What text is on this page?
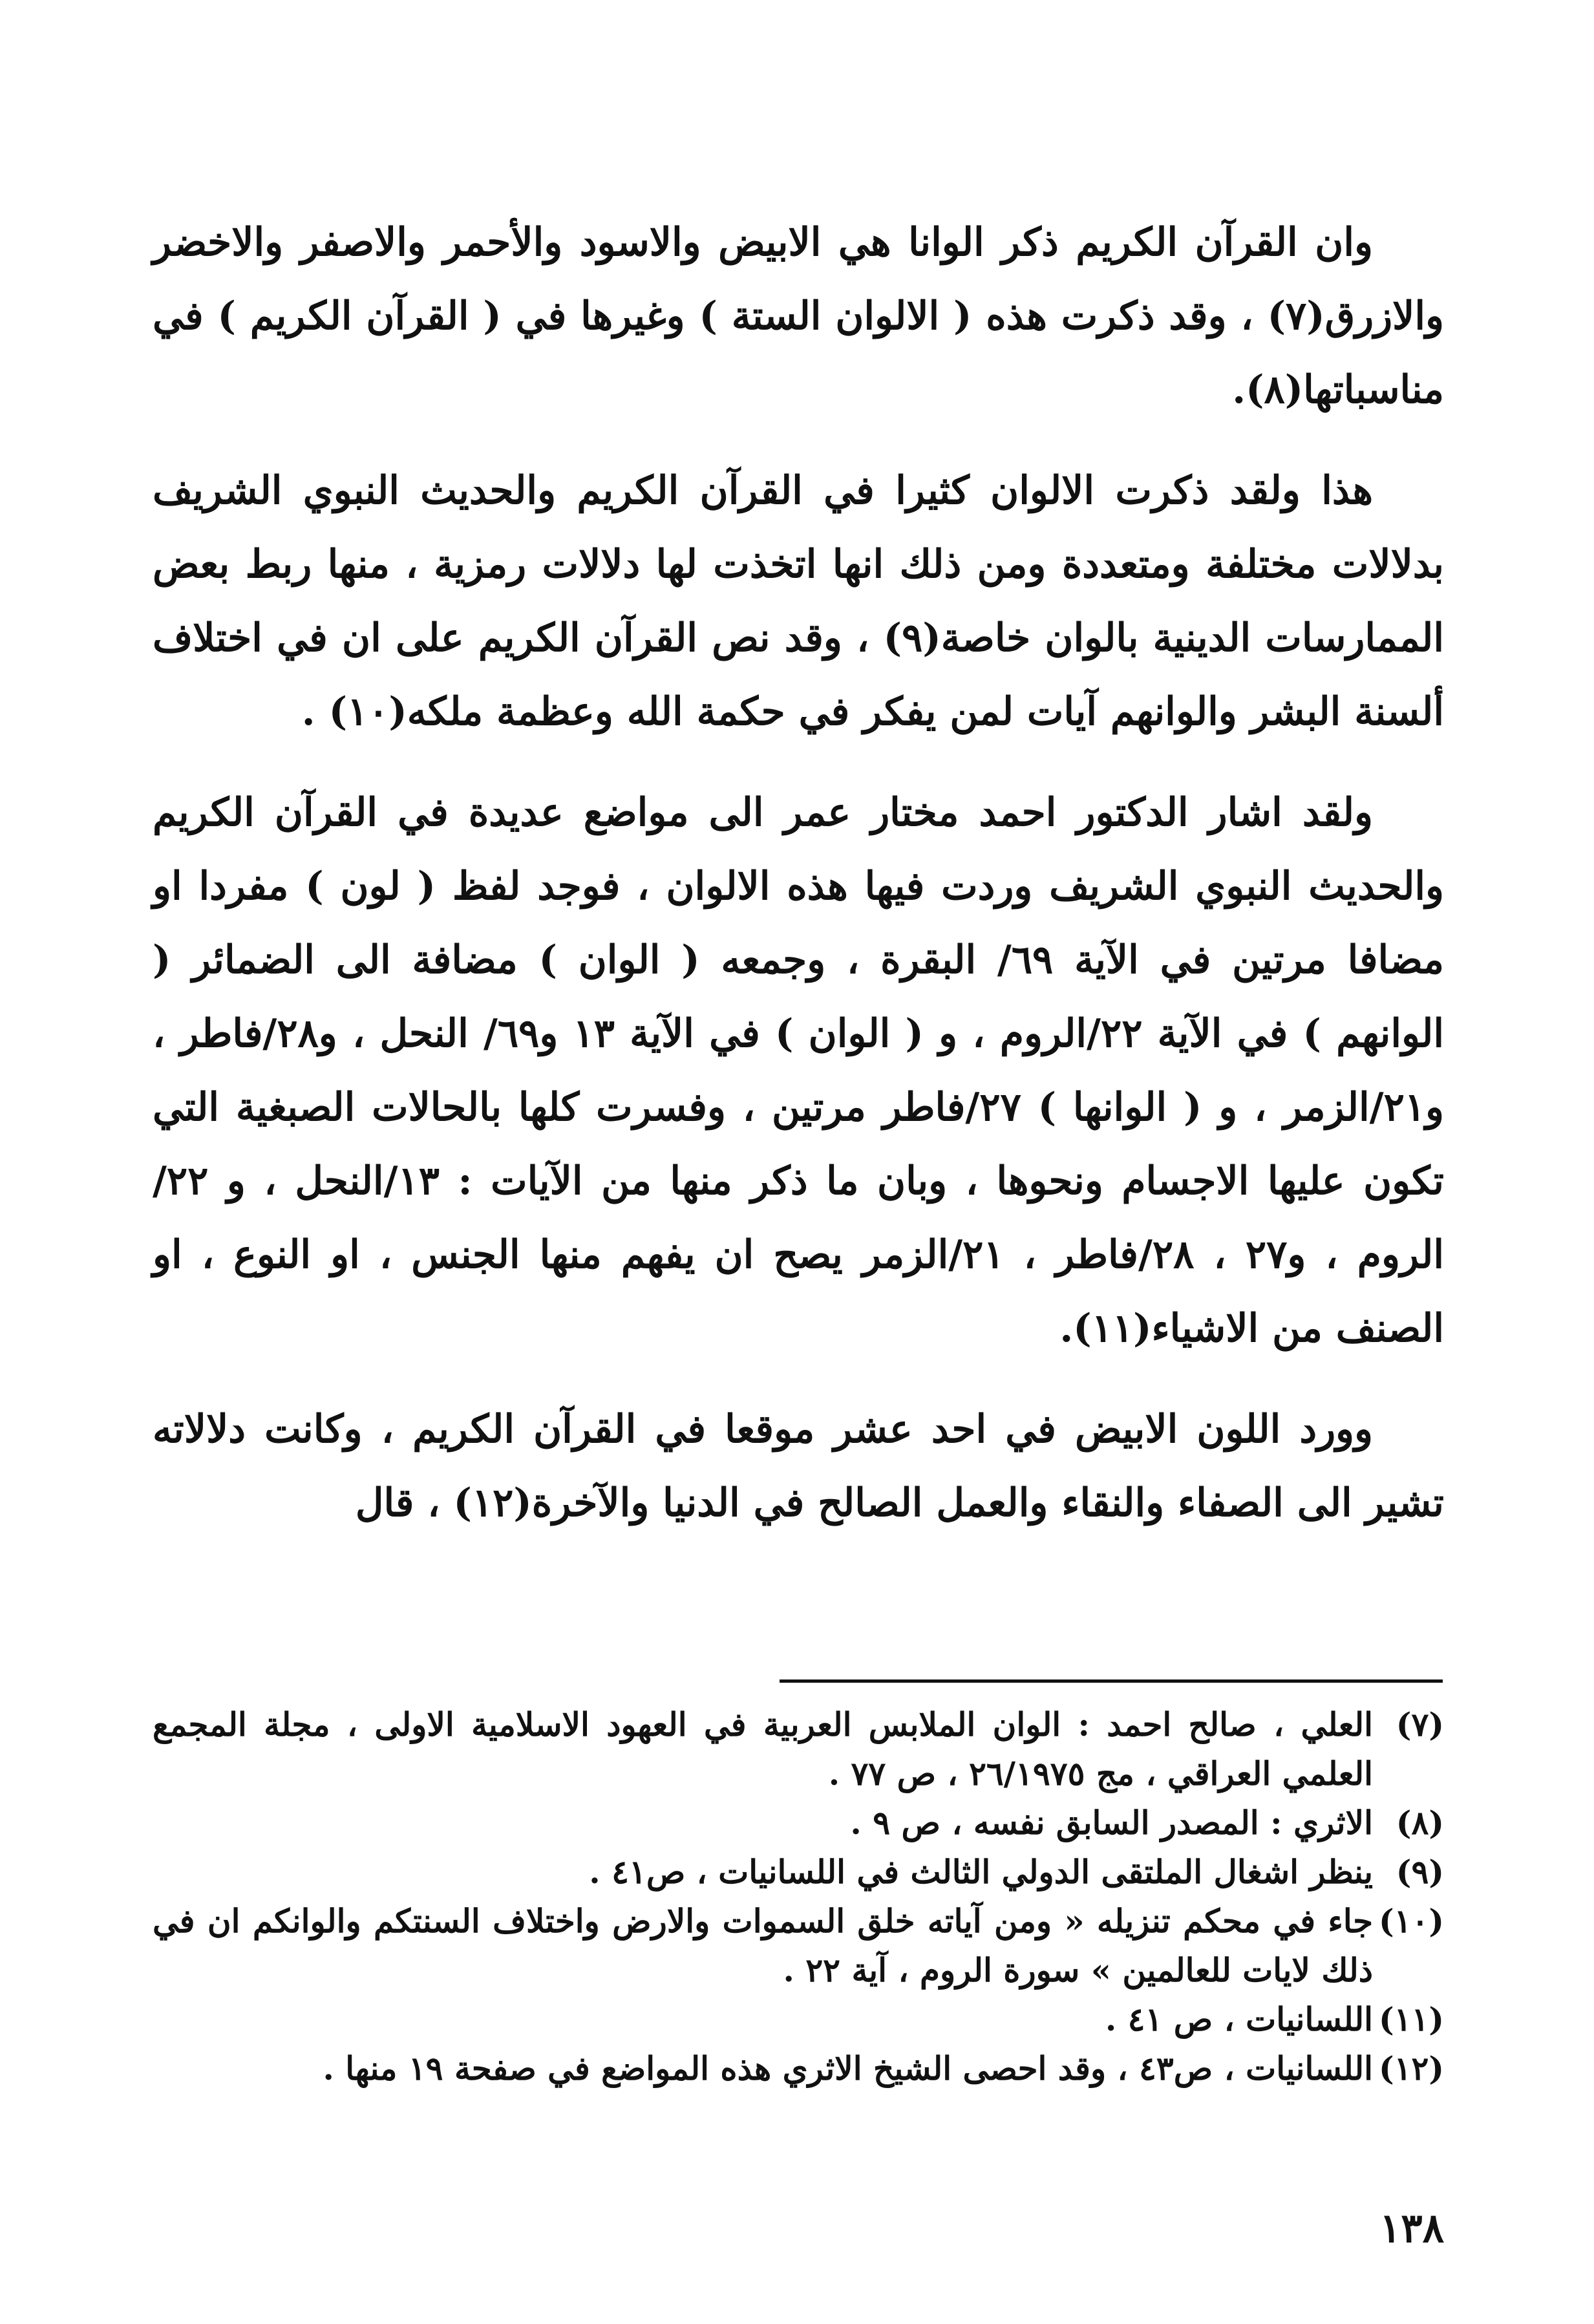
وان القرآن الكريم ذكر الوانا هي الابيض والاسود والأحمر والاصفر والاخضر والازرق(٧) ، وقد ذكرت هذه ( الالوان الستة ) وغيرها في ( القرآن الكريم ) في مناسباتها(٨).

هذا ولقد ذكرت الالوان كثيرا في القرآن الكريم والحديث النبوي الشريف بدلالات مختلفة ومتعددة ومن ذلك انها اتخذت لها دلالات رمزية ، منها ربط بعض الممارسات الدينية بالوان خاصة(٩) ، وقد نص القرآن الكريم على ان في اختلاف ألسنة البشر والوانهم آيات لمن يفكر في حكمة الله وعظمة ملكه(١٠) .

ولقد اشار الدكتور احمد مختار عمر الى مواضع عديدة في القرآن الكريم والحديث النبوي الشريف وردت فيها هذه الالوان ، فوجد لفظ ( لون ) مفردا او مضافا مرتين في الآية ٦٩/ البقرة ، وجمعه ( الوان ) مضافة الى الضمائر ( الوانهم ) في الآية ٢٢/الروم ، و ( الوان ) في الآية ١٣ و٦٩/ النحل ، و٢٨/فاطر ، و٢١/الزمر ، و ( الوانها ) ٢٧/فاطر مرتين ، وفسرت كلها بالحالات الصبغية التي تكون عليها الاجسام ونحوها ، وبان ما ذكر منها من الآيات : ١٣/النحل ، و ٢٢/الروم ، و٢٧ ، ٢٨/فاطر ، ٢١/الزمر يصح ان يفهم منها الجنس ، او النوع ، او الصنف من الاشياء(١١).

وورد اللون الابيض في احد عشر موقعا في القرآن الكريم ، وكانت دلالاته تشير الى الصفاء والنقاء والعمل الصالح في الدنيا والآخرة(١٢) ، قال

(٧)
العلي ، صالح احمد : الوان الملابس العربية في العهود الاسلامية الاولى ، مجلة المجمع العلمي العراقي ، مج ٢٦/١٩٧٥ ، ص ٧٧ .
(٨)
الاثري : المصدر السابق نفسه ، ص ٩ .
(٩)
ينظر اشغال الملتقى الدولي الثالث في اللسانيات ، ص٤١ .
(١٠)
جاء في محكم تنزيله « ومن آياته خلق السموات والارض واختلاف السنتكم والوانكم ان في ذلك لايات للعالمين » سورة الروم ، آية ٢٢ .
(١١)
اللسانيات ، ص ٤١ .
(١٢)
اللسانيات ، ص٤٣ ، وقد احصى الشيخ الاثري هذه المواضع في صفحة ١٩ منها .
١٣٨
